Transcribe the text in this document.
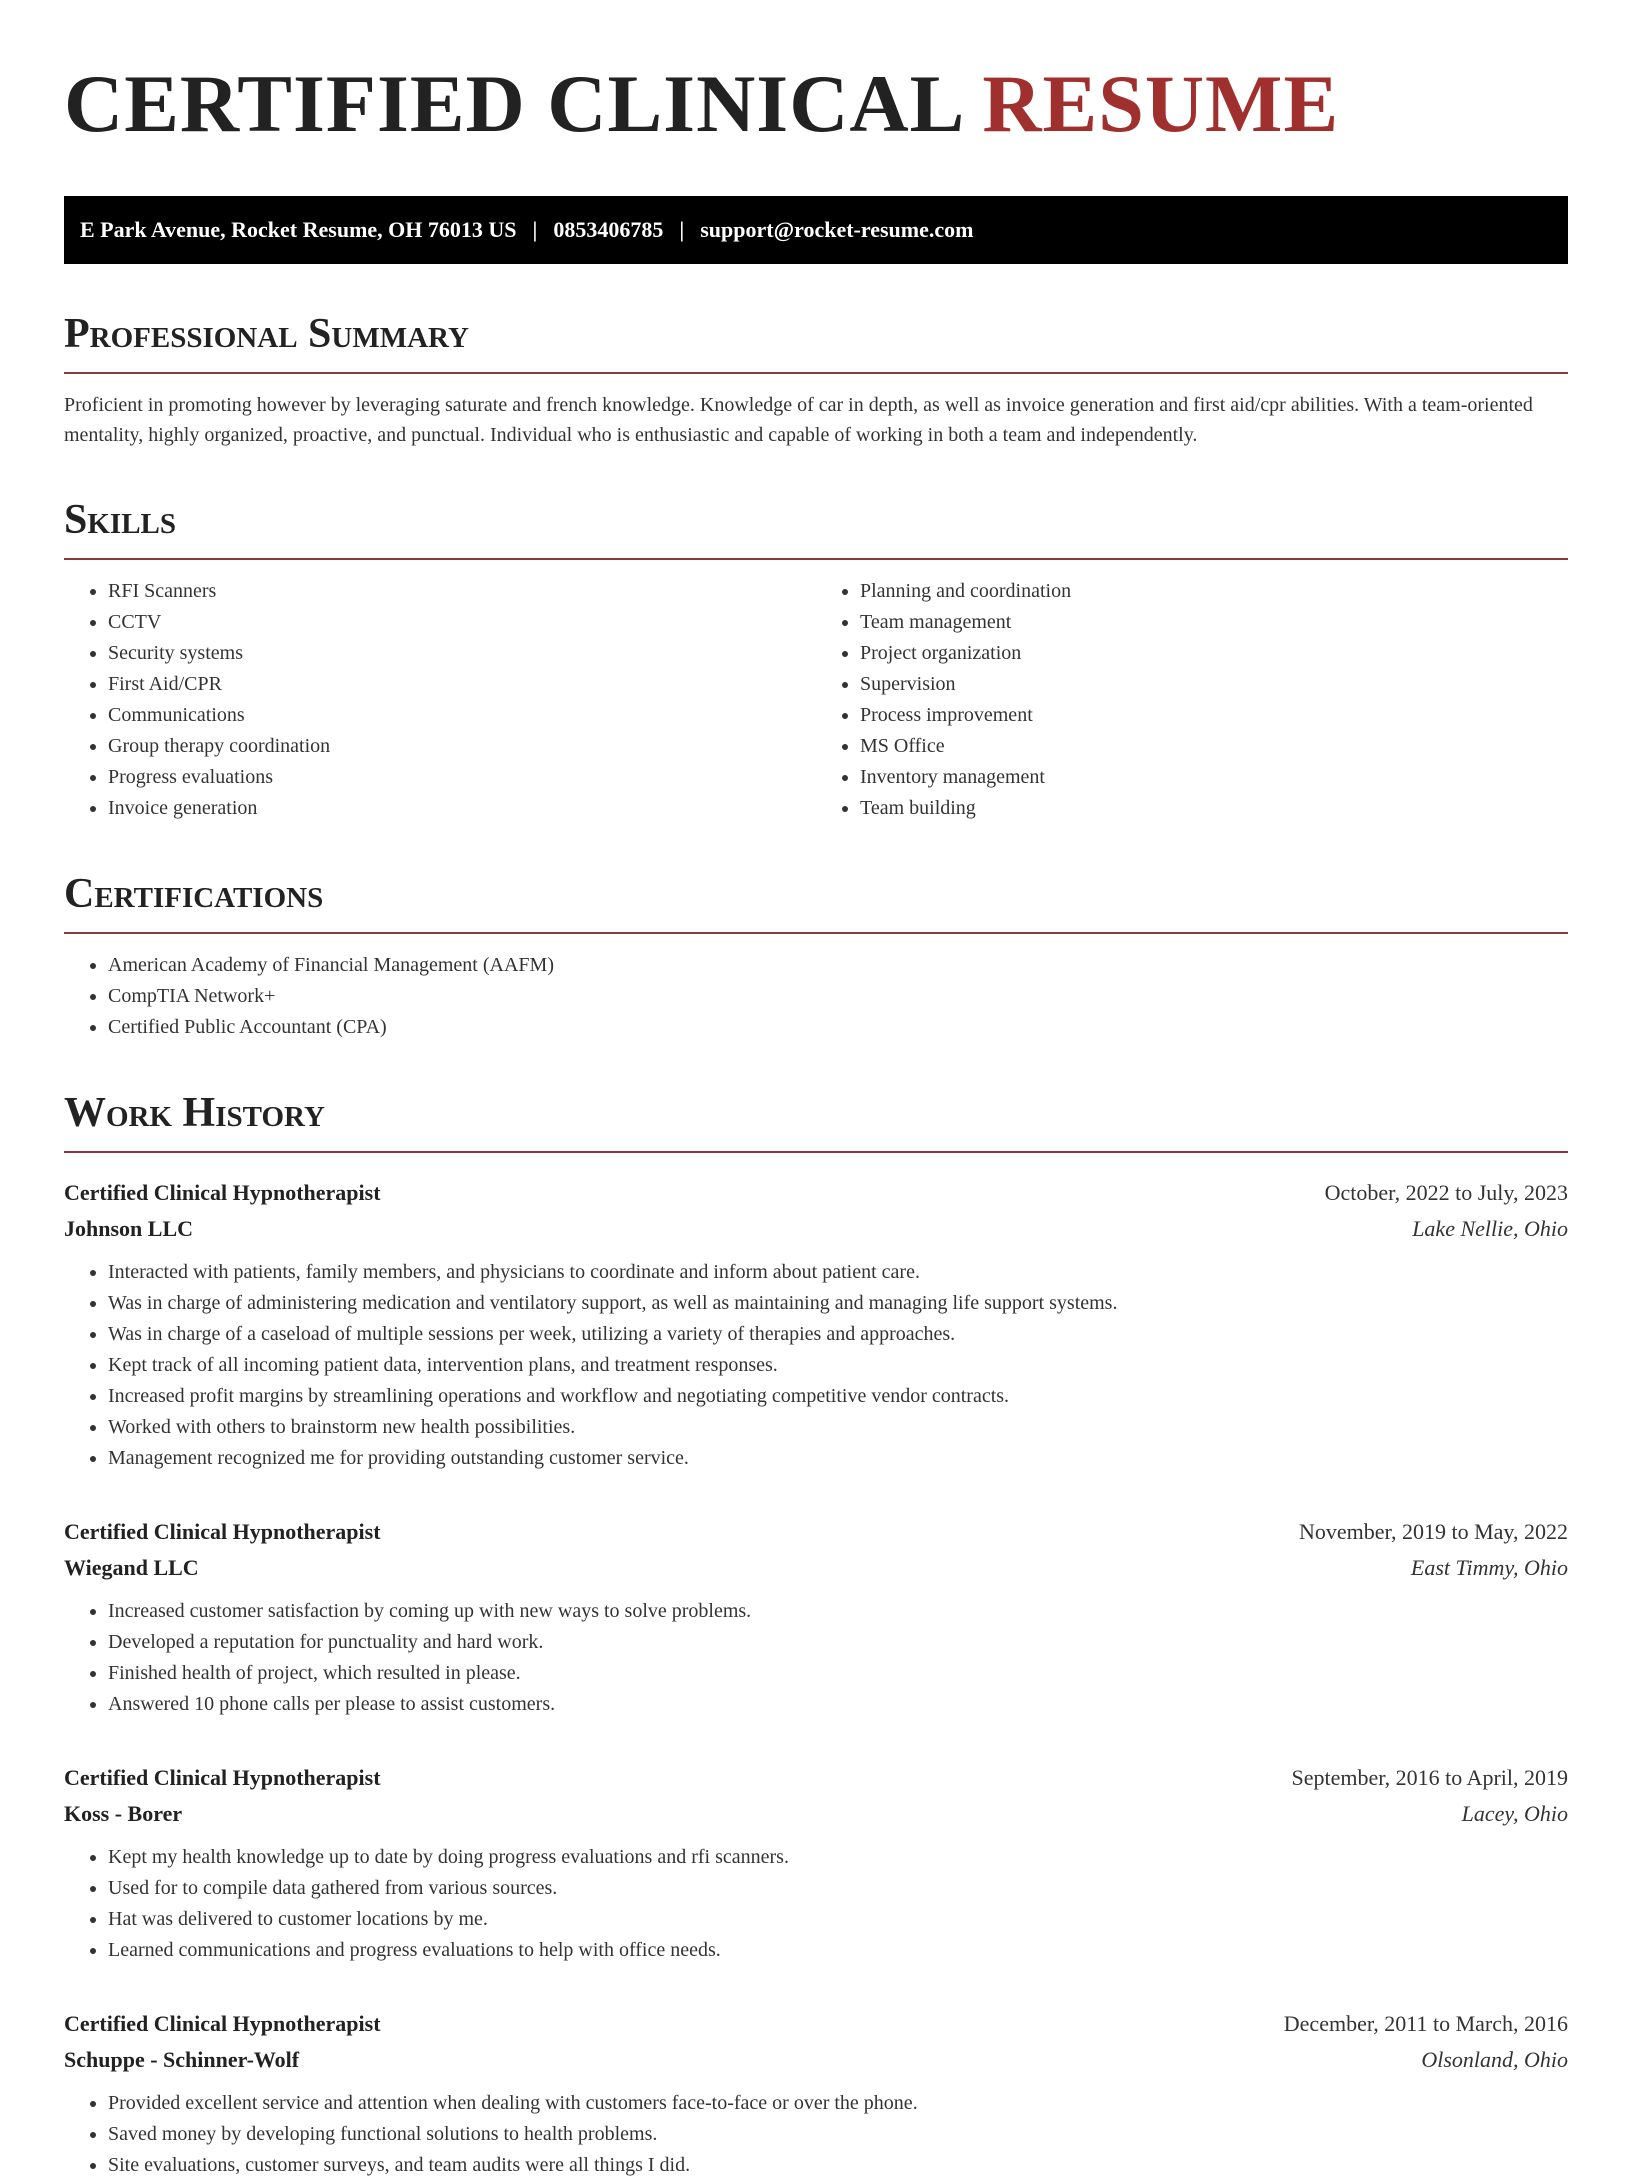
CERTIFIED CLINICAL RESUME
E Park Avenue, Rocket Resume, OH 76013 US | 0853406785 | support@rocket-resume.com
Professional Summary

Proficient in promoting however by leveraging saturate and french knowledge. Knowledge of car in depth, as well as invoice generation and first aid/cpr abilities. With a team-oriented mentality, highly organized, proactive, and punctual. Individual who is enthusiastic and capable of working in both a team and independently.

Skills
• RFI Scanners
• CCTV
• Security systems
• First Aid/CPR
• Communications
• Group therapy coordination
• Progress evaluations
• Invoice generation
• Planning and coordination
• Team management
• Project organization
• Supervision
• Process improvement
• MS Office
• Inventory management
• Team building
Certifications
• American Academy of Financial Management (AAFM)
• CompTIA Network+
• Certified Public Accountant (CPA)
Work History
Certified Clinical Hypnotherapist	October, 2022 to July, 2023
Johnson LLC	Lake Nellie, Ohio
• Interacted with patients, family members, and physicians to coordinate and inform about patient care.
• Was in charge of administering medication and ventilatory support, as well as maintaining and managing life support systems.
• Was in charge of a caseload of multiple sessions per week, utilizing a variety of therapies and approaches.
• Kept track of all incoming patient data, intervention plans, and treatment responses.
• Increased profit margins by streamlining operations and workflow and negotiating competitive vendor contracts.
• Worked with others to brainstorm new health possibilities.
• Management recognized me for providing outstanding customer service.
Certified Clinical Hypnotherapist	November, 2019 to May, 2022
Wiegand LLC	East Timmy, Ohio
• Increased customer satisfaction by coming up with new ways to solve problems.
• Developed a reputation for punctuality and hard work.
• Finished health of project, which resulted in please.
• Answered 10 phone calls per please to assist customers.
Certified Clinical Hypnotherapist	September, 2016 to April, 2019
Koss - Borer	Lacey, Ohio
• Kept my health knowledge up to date by doing progress evaluations and rfi scanners.
• Used for to compile data gathered from various sources.
• Hat was delivered to customer locations by me.
• Learned communications and progress evaluations to help with office needs.
Certified Clinical Hypnotherapist	December, 2011 to March, 2016
Schuppe - Schinner-Wolf	Olsonland, Ohio
• Provided excellent service and attention when dealing with customers face-to-face or over the phone.
• Saved money by developing functional solutions to health problems.
• Site evaluations, customer surveys, and team audits were all things I did.
